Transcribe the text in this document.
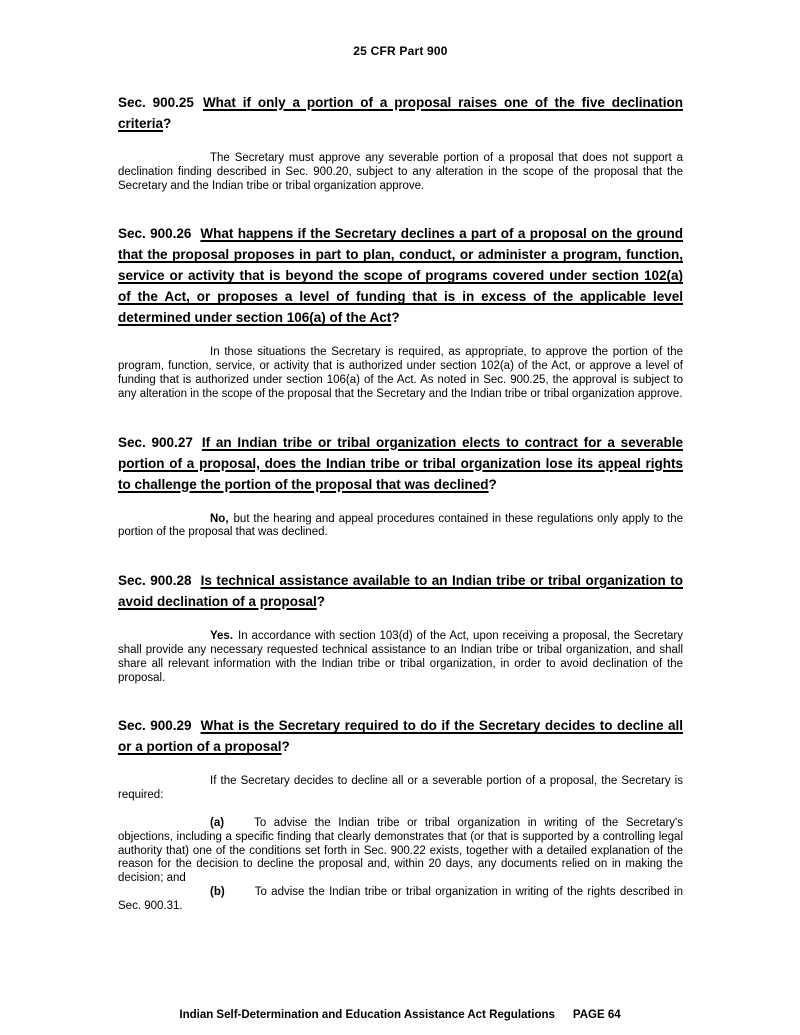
25 CFR Part 900
Sec. 900.25 What if only a portion of a proposal raises one of the five declination criteria?

The Secretary must approve any severable portion of a proposal that does not support a declination finding described in Sec. 900.20, subject to any alteration in the scope of the proposal that the Secretary and the Indian tribe or tribal organization approve.

Sec. 900.26 What happens if the Secretary declines a part of a proposal on the ground that the proposal proposes in part to plan, conduct, or administer a program, function, service or activity that is beyond the scope of programs covered under section 102(a) of the Act, or proposes a level of funding that is in excess of the applicable level determined under section 106(a) of the Act?

In those situations the Secretary is required, as appropriate, to approve the portion of the program, function, service, or activity that is authorized under section 102(a) of the Act, or approve a level of funding that is authorized under section 106(a) of the Act. As noted in Sec. 900.25, the approval is subject to any alteration in the scope of the proposal that the Secretary and the Indian tribe or tribal organization approve.

Sec. 900.27 If an Indian tribe or tribal organization elects to contract for a severable portion of a proposal, does the Indian tribe or tribal organization lose its appeal rights to challenge the portion of the proposal that was declined?

No, but the hearing and appeal procedures contained in these regulations only apply to the portion of the proposal that was declined.

Sec. 900.28 Is technical assistance available to an Indian tribe or tribal organization to avoid declination of a proposal?

Yes. In accordance with section 103(d) of the Act, upon receiving a proposal, the Secretary shall provide any necessary requested technical assistance to an Indian tribe or tribal organization, and shall share all relevant information with the Indian tribe or tribal organization, in order to avoid declination of the proposal.

Sec. 900.29 What is the Secretary required to do if the Secretary decides to decline all or a portion of a proposal?

If the Secretary decides to decline all or a severable portion of a proposal, the Secretary is required:

(a)	To advise the Indian tribe or tribal organization in writing of the Secretary's objections, including a specific finding that clearly demonstrates that (or that is supported by a controlling legal authority that) one of the conditions set forth in Sec. 900.22 exists, together with a detailed explanation of the reason for the decision to decline the proposal and, within 20 days, any documents relied on in making the decision; and

(b)	To advise the Indian tribe or tribal organization in writing of the rights described in Sec. 900.31.

Indian Self-Determination and Education Assistance Act Regulations PAGE 64
